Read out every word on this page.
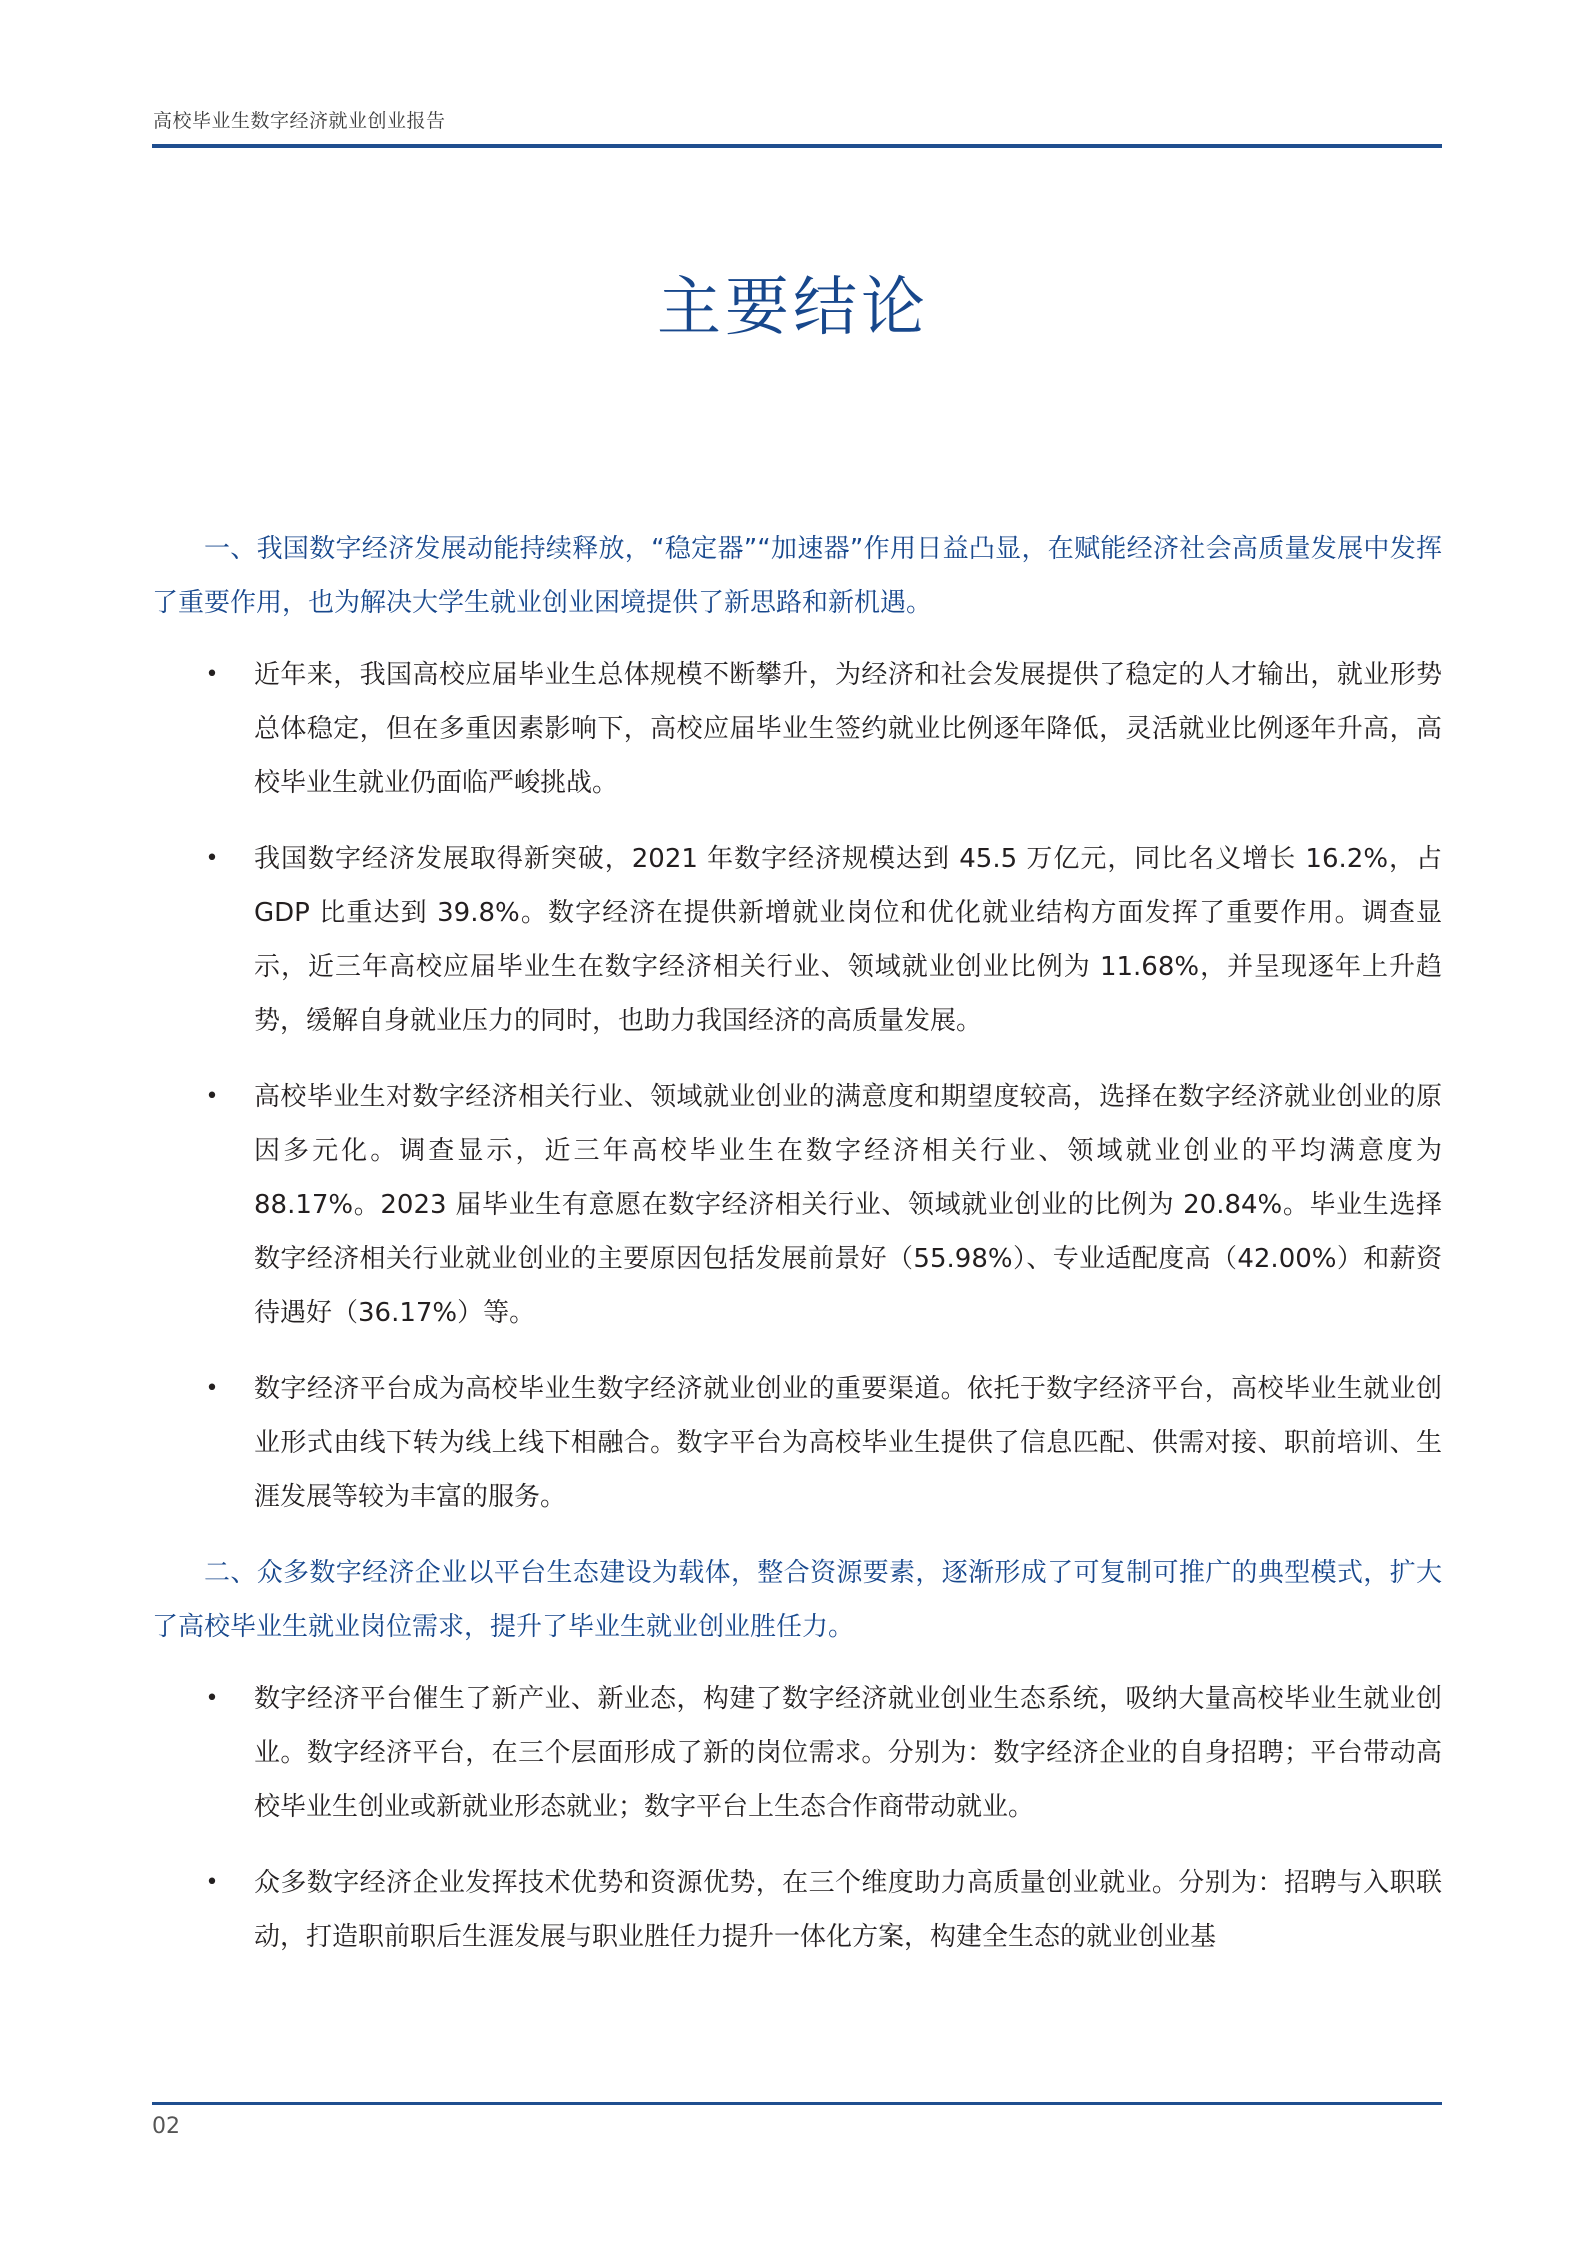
高校毕业生数字经济就业创业报告
主要结论

一、我国数字经济发展动能持续释放，“稳定器”“加速器”作用日益凸显，在赋能经济社会高质量发展中发挥了重要作用，也为解决大学生就业创业困境提供了新思路和新机遇。

• 近年来，我国高校应届毕业生总体规模不断攀升，为经济和社会发展提供了稳定的人才输出，就业形势总体稳定，但在多重因素影响下，高校应届毕业生签约就业比例逐年降低，灵活就业比例逐年升高，高校毕业生就业仍面临严峻挑战。
• 我国数字经济发展取得新突破，2021 年数字经济规模达到 45.5 万亿元，同比名义增长 16.2%，占 GDP 比重达到 39.8%。数字经济在提供新增就业岗位和优化就业结构方面发挥了重要作用。调查显示，近三年高校应届毕业生在数字经济相关行业、领域就业创业比例为 11.68%，并呈现逐年上升趋势，缓解自身就业压力的同时，也助力我国经济的高质量发展。
• 高校毕业生对数字经济相关行业、领域就业创业的满意度和期望度较高，选择在数字经济就业创业的原因多元化。调查显示，近三年高校毕业生在数字经济相关行业、领域就业创业的平均满意度为 88.17%。2023 届毕业生有意愿在数字经济相关行业、领域就业创业的比例为 20.84%。毕业生选择数字经济相关行业就业创业的主要原因包括发展前景好（55.98%）、专业适配度高（42.00%）和薪资待遇好（36.17%）等。
• 数字经济平台成为高校毕业生数字经济就业创业的重要渠道。依托于数字经济平台，高校毕业生就业创业形式由线下转为线上线下相融合。数字平台为高校毕业生提供了信息匹配、供需对接、职前培训、生涯发展等较为丰富的服务。

二、众多数字经济企业以平台生态建设为载体，整合资源要素，逐渐形成了可复制可推广的典型模式，扩大了高校毕业生就业岗位需求，提升了毕业生就业创业胜任力。

• 数字经济平台催生了新产业、新业态，构建了数字经济就业创业生态系统，吸纳大量高校毕业生就业创业。数字经济平台，在三个层面形成了新的岗位需求。分别为：数字经济企业的自身招聘；平台带动高校毕业生创业或新就业形态就业；数字平台上生态合作商带动就业。
• 众多数字经济企业发挥技术优势和资源优势，在三个维度助力高质量创业就业。分别为：招聘与入职联动，打造职前职后生涯发展与职业胜任力提升一体化方案，构建全生态的就业创业基
02
